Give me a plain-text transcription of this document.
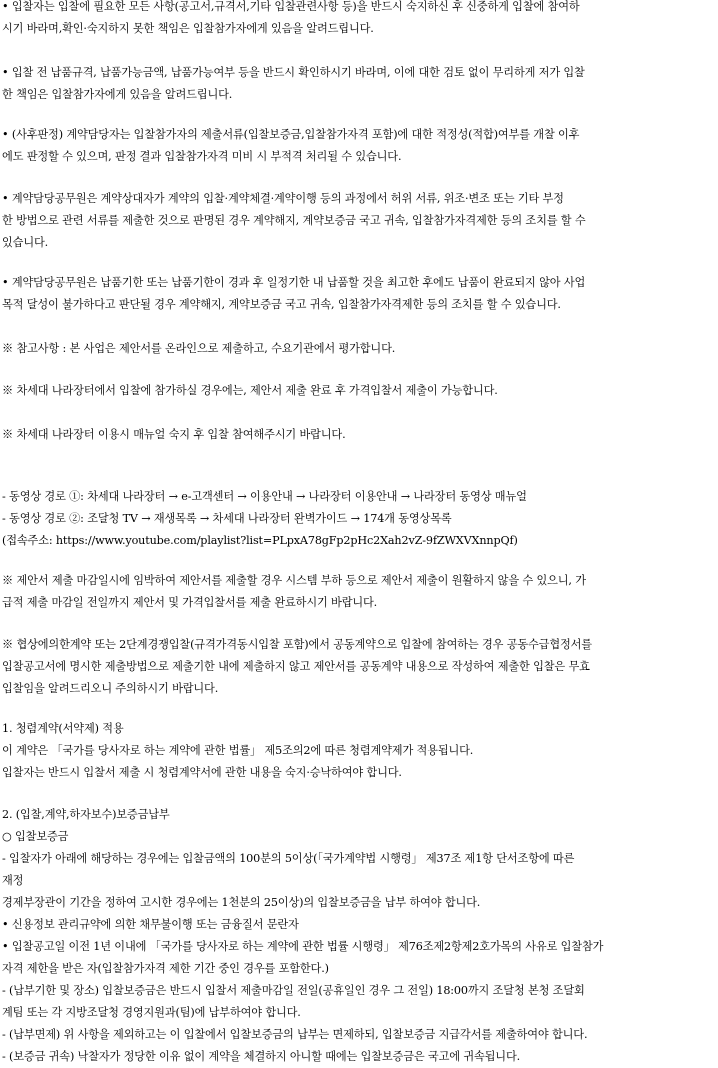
• 입찰자는 입찰에 필요한 모든 사항(공고서,규격서,기타 입찰관련사항 등)을 반드시 숙지하신 후 신중하게 입찰에 참여하
시기 바라며,확인·숙지하지 못한 책임은 입찰참가자에게 있음을 알려드립니다.
• 입찰 전 납품규격, 납품가능금액, 납품가능여부 등을 반드시 확인하시기 바라며, 이에 대한 검토 없이 무리하게 저가 입찰
한 책임은 입찰참가자에게 있음을 알려드립니다.
• (사후판정) 계약담당자는 입찰참가자의 제출서류(입찰보증금,입찰참가자격 포함)에 대한 적정성(적합)여부를 개찰 이후
에도 판정할 수 있으며, 판정 결과 입찰참가자격 미비 시 부적격 처리될 수 있습니다.
• 계약담당공무원은 계약상대자가 계약의 입찰·계약체결·계약이행 등의 과정에서 허위 서류, 위조·변조 또는 기타 부정
한 방법으로 관련 서류를 제출한 것으로 판명된 경우 계약해지, 계약보증금 국고 귀속, 입찰참가자격제한 등의 조치를 할 수
있습니다.
• 계약담당공무원은 납품기한 또는 납품기한이 경과 후 일정기한 내 납품할 것을 최고한 후에도 납품이 완료되지 않아 사업
목적 달성이 불가하다고 판단될 경우 계약해지, 계약보증금 국고 귀속, 입찰참가자격제한 등의 조치를 할 수 있습니다.
※ 참고사항 : 본 사업은 제안서를 온라인으로 제출하고, 수요기관에서 평가합니다.
※ 차세대 나라장터에서 입찰에 참가하실 경우에는, 제안서 제출 완료 후 가격입찰서 제출이 가능합니다.
※ 차세대 나라장터 이용시 매뉴얼 숙지 후 입찰 참여해주시기 바랍니다.
- 동영상 경로 ①: 차세대 나라장터 → e-고객센터 → 이용안내 → 나라장터 이용안내 → 나라장터 동영상 매뉴얼
- 동영상 경로 ②: 조달청 TV → 재생목록 → 차세대 나라장터 완벽가이드 → 174개 동영상목록
(접속주소: https://www.youtube.com/playlist?list=PLpxA78gFp2pHc2Xah2vZ-9fZWXVXnnpQf)
※ 제안서 제출 마감일시에 임박하여 제안서를 제출할 경우 시스템 부하 등으로 제안서 제출이 원활하지 않을 수 있으니, 가
급적 제출 마감일 전일까지 제안서 및 가격입찰서를 제출 완료하시기 바랍니다.
※ 협상에의한계약 또는 2단계경쟁입찰(규격가격동시입찰 포함)에서 공동계약으로 입찰에 참여하는 경우 공동수급협정서를
입찰공고서에 명시한 제출방법으로 제출기한 내에 제출하지 않고 제안서를 공동계약 내용으로 작성하여 제출한 입찰은 무효
입찰임을 알려드리오니 주의하시기 바랍니다.
1. 청렴계약(서약제) 적용
이 계약은 「국가를 당사자로 하는 계약에 관한 법률」 제5조의2에 따른 청렴계약제가 적용됩니다.
입찰자는 반드시 입찰서 제출 시 청렴계약서에 관한 내용을 숙지·승낙하여야 합니다.
2. (입찰,계약,하자보수)보증금납부
○ 입찰보증금
- 입찰자가 아래에 해당하는 경우에는 입찰금액의 100분의 5이상(「국가계약법 시행령」 제37조 제1항 단서조항에 따른
재정
경제부장관이 기간을 정하여 고시한 경우에는 1천분의 25이상)의 입찰보증금을 납부 하여야 합니다.
• 신용정보 관리규약에 의한 채무불이행 또는 금융질서 문란자
• 입찰공고일 이전 1년 이내에 「국가를 당사자로 하는 계약에 관한 법률 시행령」 제76조제2항제2호가목의 사유로 입찰참가
자격 제한을 받은 자(입찰참가자격 제한 기간 중인 경우를 포함한다.)
- (납부기한 및 장소) 입찰보증금은 반드시 입찰서 제출마감일 전일(공휴일인 경우 그 전일) 18:00까지 조달청 본청 조달회
계팀 또는 각 지방조달청 경영지원과(팀)에 납부하여야 합니다.
- (납부면제) 위 사항을 제외하고는 이 입찰에서 입찰보증금의 납부는 면제하되, 입찰보증금 지급각서를 제출하여야 합니다.
- (보증금 귀속) 낙찰자가 정당한 이유 없이 계약을 체결하지 아니할 때에는 입찰보증금은 국고에 귀속됩니다.
